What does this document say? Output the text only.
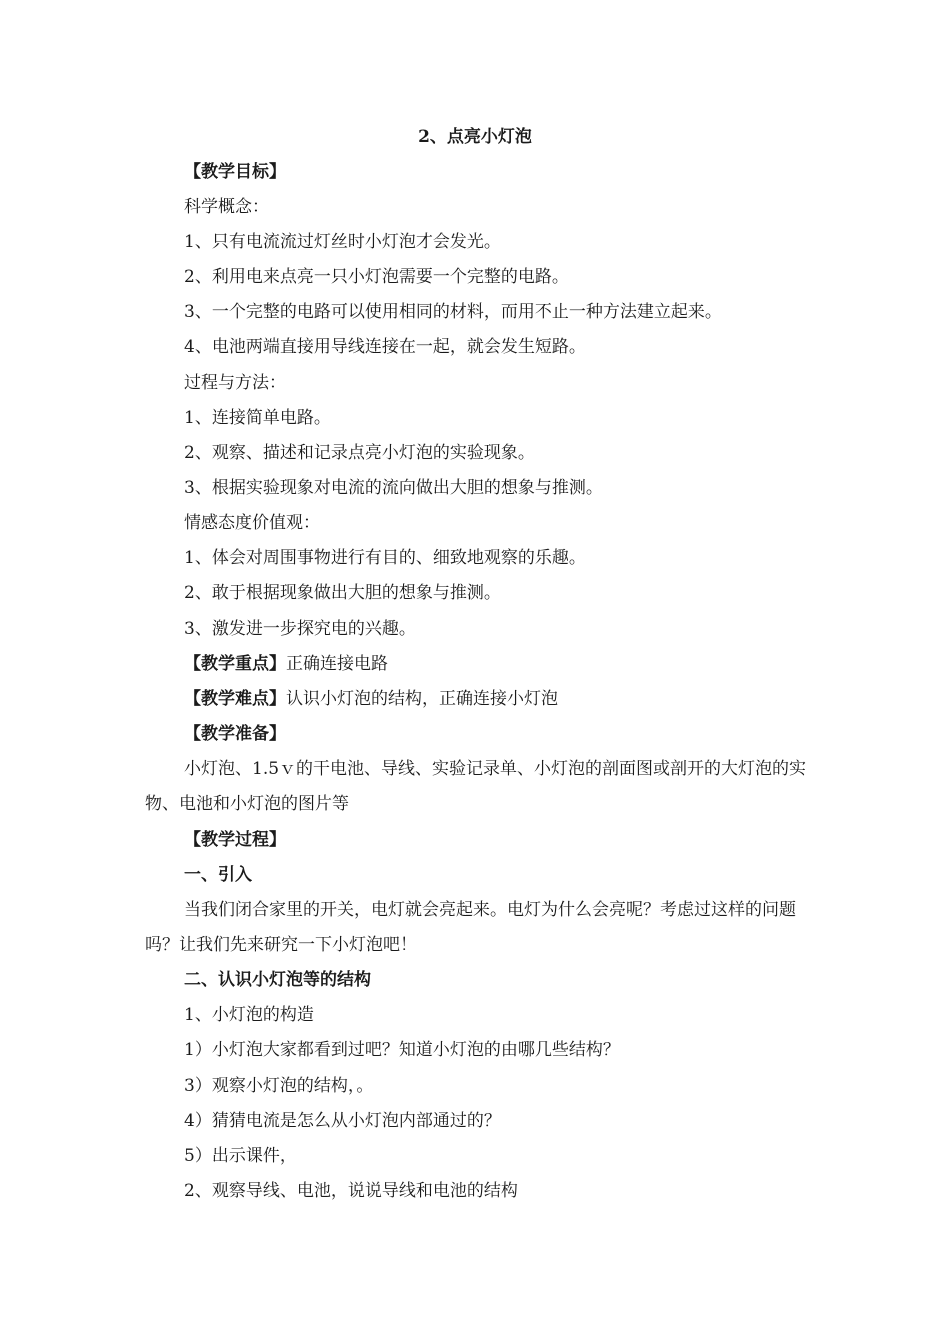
2、点亮小灯泡
【教学目标】
科学概念：
1、只有电流流过灯丝时小灯泡才会发光。
2、利用电来点亮一只小灯泡需要一个完整的电路。
3、一个完整的电路可以使用相同的材料，而用不止一种方法建立起来。
4、电池两端直接用导线连接在一起，就会发生短路。
过程与方法：
1、连接简单电路。
2、观察、描述和记录点亮小灯泡的实验现象。
3、根据实验现象对电流的流向做出大胆的想象与推测。
情感态度价值观：
1、体会对周围事物进行有目的、细致地观察的乐趣。
2、敢于根据现象做出大胆的想象与推测。
3、激发进一步探究电的兴趣。
【教学重点】正确连接电路
【教学难点】认识小灯泡的结构，正确连接小灯泡
【教学准备】
小灯泡、1.5ｖ的干电池、导线、实验记录单、小灯泡的剖面图或剖开的大灯泡的实物、电池和小灯泡的图片等
【教学过程】
一、引入
当我们闭合家里的开关，电灯就会亮起来。电灯为什么会亮呢？考虑过这样的问题吗？让我们先来研究一下小灯泡吧！
二、认识小灯泡等的结构
1、小灯泡的构造
1）小灯泡大家都看到过吧？知道小灯泡的由哪几些结构？
3）观察小灯泡的结构，。
4）猜猜电流是怎么从小灯泡内部通过的？
5）出示课件，
2、观察导线、电池，说说导线和电池的结构
